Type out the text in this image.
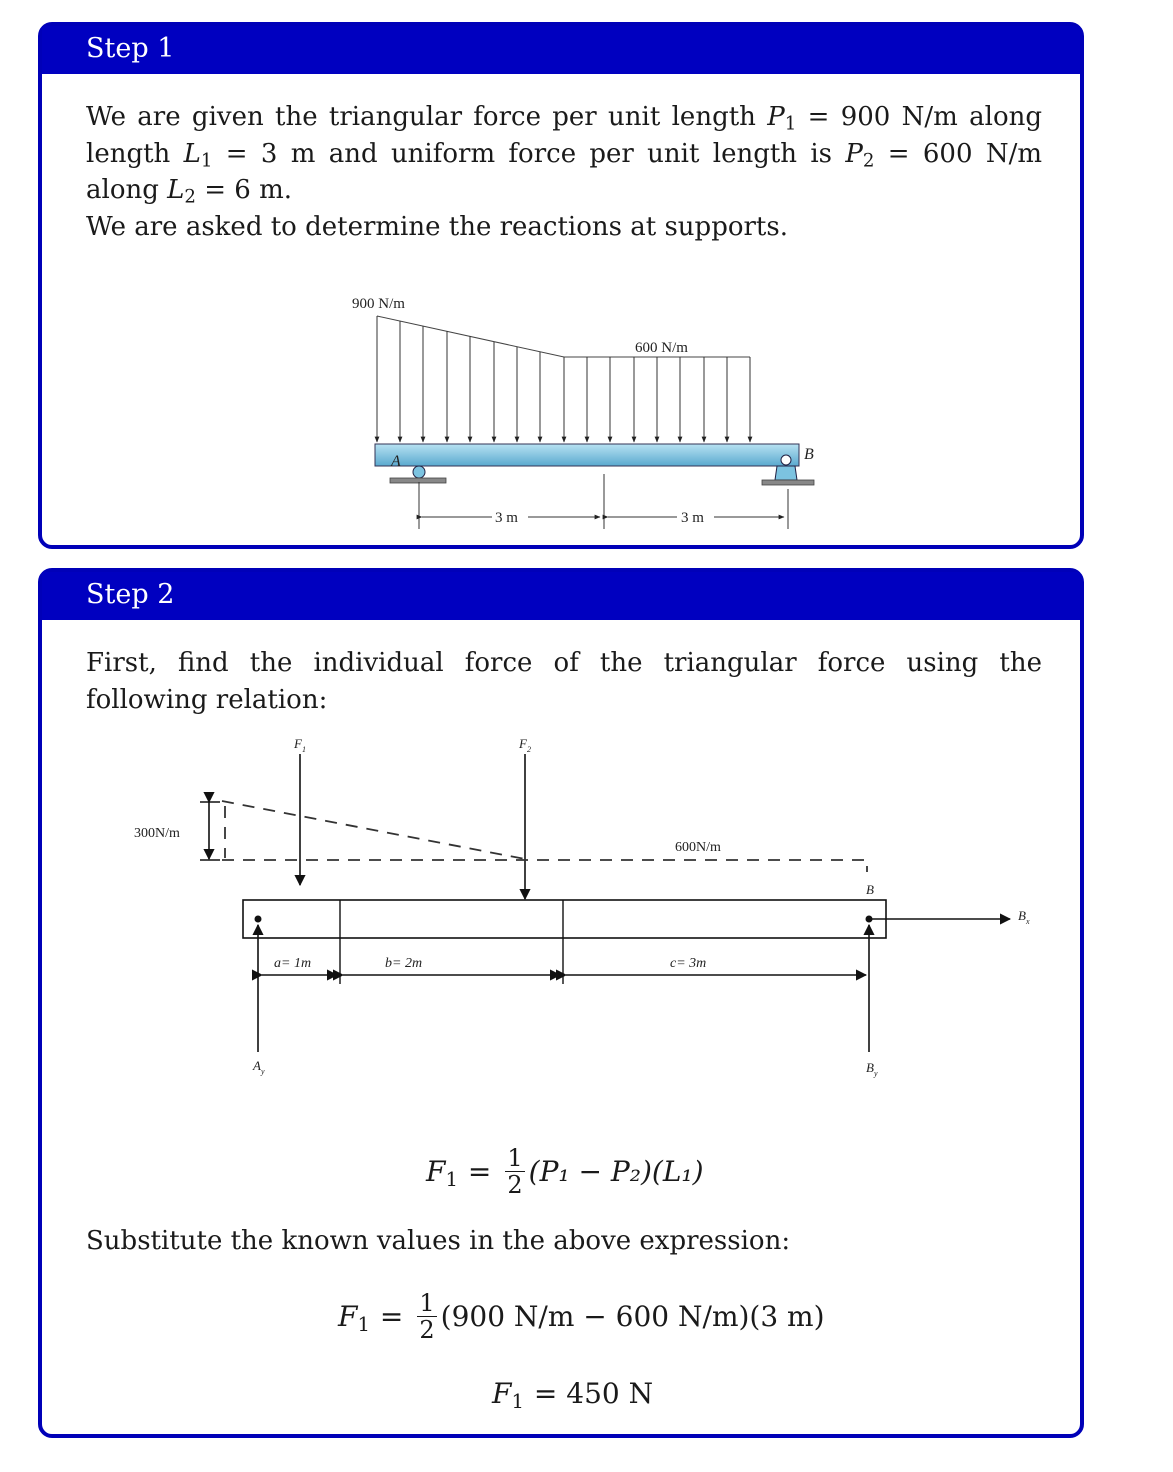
Step 1

We are given the triangular force per unit length $P_1 = 900$ N/m along length $L_1 = 3$ m and uniform force per unit length is $P_2 = 600$ N/m along $L_2 = 6$ m.

We are asked to determine the reactions at supports.

900 N/m
600 N/m
A	B
3 m	3 m
Step 2

First, find the individual force of the triangular force using the following relation:

$F_1$	$F_2$
300N/m
600N/m
B
$B_x$
$A_y$	$B_y$
a= 1m	b= 2m	c= 3m
$F_1 = \frac{1}{2} (P_1 - P_2)(L_1)$

Substitute the known values in the above expression:

$F_1 = \frac{1}{2} (900$ N/m − 600 N/m)(3 m)
$F_1 = 450$ N
